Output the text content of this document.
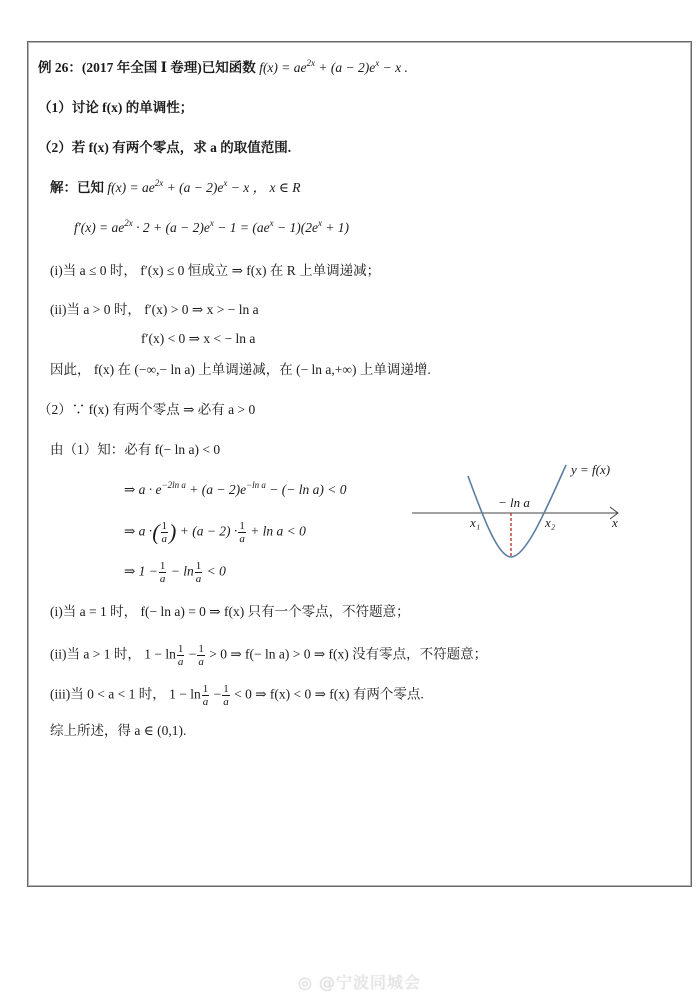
例 26：(2017 年全国 Ⅰ 卷理)已知函数 $f(x) = ae^{2x} + (a - 2)e^x - x$ .
（1）讨论 f(x) 的单调性；
（2）若 f(x) 有两个零点，求 a 的取值范围.
解：已知 $f(x) = ae^{2x} + (a - 2)e^x - x$ ， x ∈ R
$f'(x) = ae^{2x} \cdot 2 + (a - 2)e^x - 1 = (ae^x - 1)(2e^x + 1)$
(i)当 a ≤ 0 时， f′(x) ≤ 0 恒成立 ⇒ f(x) 在 R 上单调递减；
(ii)当 a > 0 时， f′(x) > 0 ⇒ x > − ln a
f′(x) < 0 ⇒ x < − ln a
因此， f(x) 在 (−∞,− ln a) 上单调递减，在 (− ln a,+∞) 上单调递增.
（2）∵ f(x) 有两个零点 ⇒ 必有 a > 0
由（1）知：必有 f(− ln a) < 0
⇒ $a \cdot e^{-2ln a} + (a - 2)e^{-ln a}$ − (− ln a) < 0
⇒ a ·( $\frac{1}{a}$ ) + $(a - 2) \cdot \frac{1}{a} + \ln a < 0$
⇒ $1 - \frac{1}{a} - \ln \frac{1}{a} < 0$
y = f(x)
− ln a
x₁	x₂	x
(i)当 a = 1 时， f(− ln a) = 0 ⇒ f(x) 只有一个零点，不符题意；
(ii)当 a > 1 时， $1 - \ln \frac{1}{a} - \frac{1}{a} > 0$ ⇒ f(− ln a) > 0 ⇒ f(x) 没有零点，不符题意；
(iii)当 0 < a < 1 时， $1 - \ln \frac{1}{a} - \frac{1}{a} < 0$ ⇒ f(x) < 0 ⇒ f(x) 有两个零点.
综上所述，得 a ∈ (0,1).
◎ @宁波同城会
